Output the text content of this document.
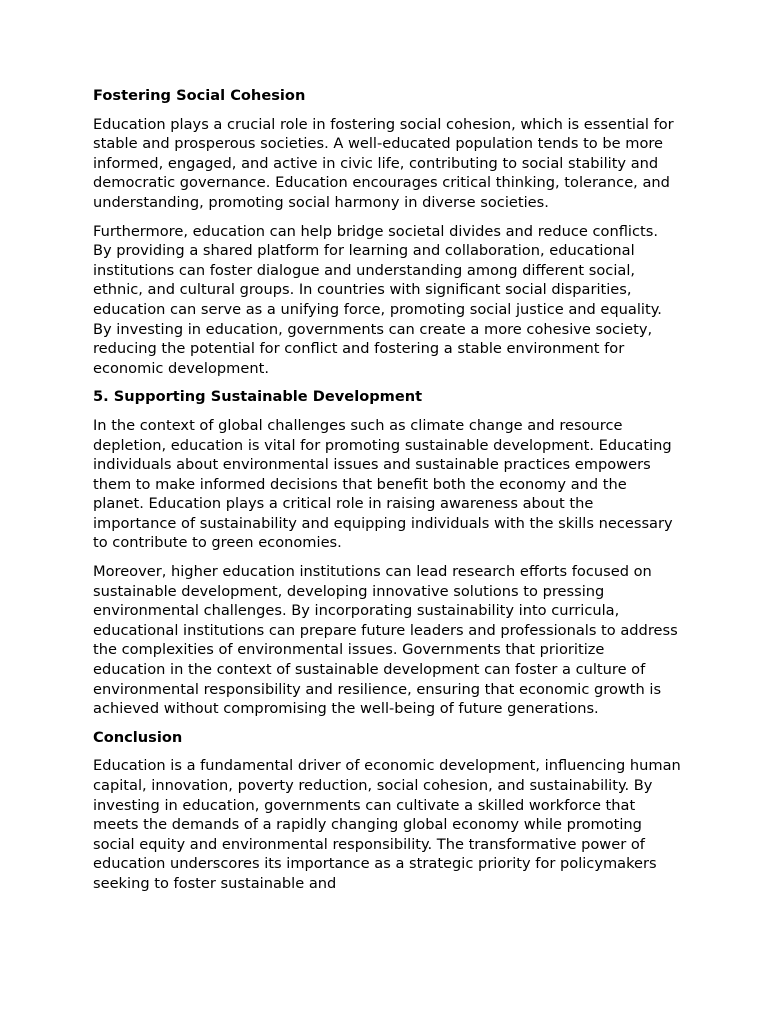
Fostering Social Cohesion

Education plays a crucial role in fostering social cohesion, which is essential for stable and prosperous societies. A well-educated population tends to be more informed, engaged, and active in civic life, contributing to social stability and democratic governance. Education encourages critical thinking, tolerance, and understanding, promoting social harmony in diverse societies.

Furthermore, education can help bridge societal divides and reduce conflicts. By providing a shared platform for learning and collaboration, educational institutions can foster dialogue and understanding among different social, ethnic, and cultural groups. In countries with significant social disparities, education can serve as a unifying force, promoting social justice and equality. By investing in education, governments can create a more cohesive society, reducing the potential for conflict and fostering a stable environment for economic development.

5. Supporting Sustainable Development

In the context of global challenges such as climate change and resource depletion, education is vital for promoting sustainable development. Educating individuals about environmental issues and sustainable practices empowers them to make informed decisions that benefit both the economy and the planet. Education plays a critical role in raising awareness about the importance of sustainability and equipping individuals with the skills necessary to contribute to green economies.

Moreover, higher education institutions can lead research efforts focused on sustainable development, developing innovative solutions to pressing environmental challenges. By incorporating sustainability into curricula, educational institutions can prepare future leaders and professionals to address the complexities of environmental issues. Governments that prioritize education in the context of sustainable development can foster a culture of environmental responsibility and resilience, ensuring that economic growth is achieved without compromising the well-being of future generations.

Conclusion

Education is a fundamental driver of economic development, influencing human capital, innovation, poverty reduction, social cohesion, and sustainability. By investing in education, governments can cultivate a skilled workforce that meets the demands of a rapidly changing global economy while promoting social equity and environmental responsibility. The transformative power of education underscores its importance as a strategic priority for policymakers seeking to foster sustainable and
